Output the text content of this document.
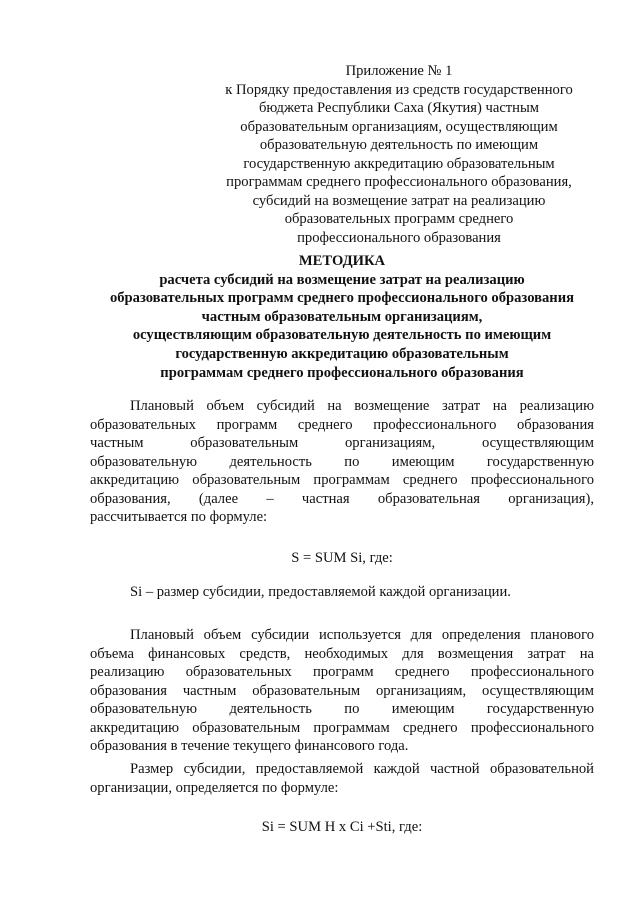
Приложение № 1
к Порядку предоставления из средств государственного
бюджета Республики Саха (Якутия) частным
образовательным организациям, осуществляющим
образовательную деятельность по имеющим
государственную аккредитацию образовательным
программам среднего профессионального образования,
субсидий на возмещение затрат на реализацию
образовательных программ среднего
профессионального образования
МЕТОДИКА
расчета субсидий на возмещение затрат на реализацию
образовательных программ среднего профессионального образования
частным образовательным организациям,
осуществляющим образовательную деятельность по имеющим
государственную аккредитацию образовательным
программам среднего профессионального образования
Плановый объем субсидий на возмещение затрат на реализацию
образовательных программ среднего профессионального образования
частным образовательным организациям, осуществляющим
образовательную деятельность по имеющим государственную
аккредитацию образовательным программам среднего профессионального
образования, (далее – частная образовательная организация),
рассчитывается по формуле:
S = SUM Si, где:
Si – размер субсидии, предоставляемой каждой организации.
Плановый объем субсидии используется для определения планового
объема финансовых средств, необходимых для возмещения затрат на
реализацию образовательных программ среднего профессионального
образования частным образовательным организациям, осуществляющим
образовательную деятельность по имеющим государственную
аккредитацию образовательным программам среднего профессионального
образования в течение текущего финансового года.
Размер субсидии, предоставляемой каждой частной образовательной
организации, определяется по формуле:
Si = SUM H x Ci +Sti, где:
